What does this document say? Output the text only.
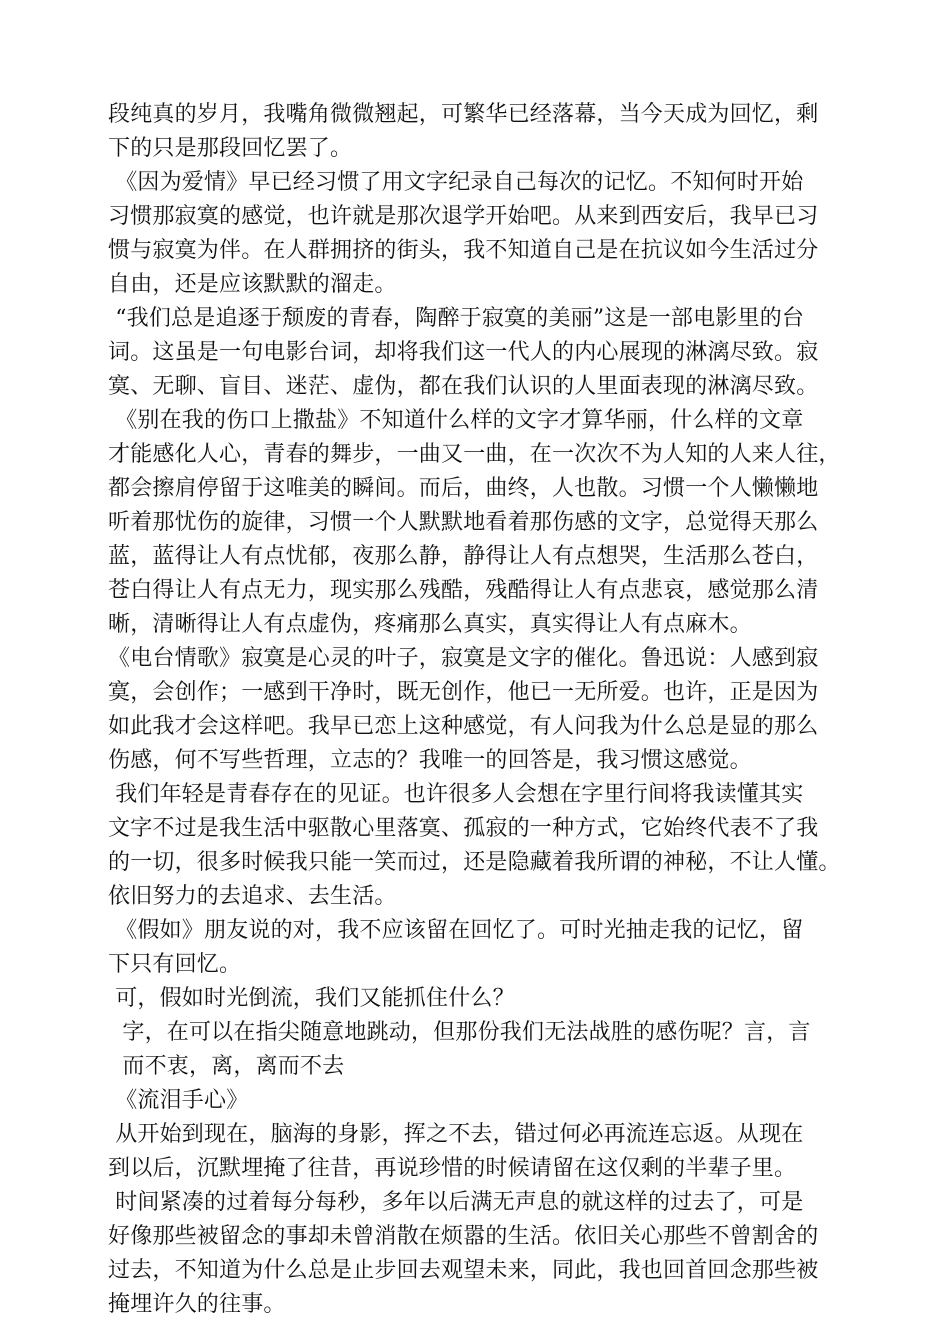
段纯真的岁月，我嘴角微微翘起，可繁华已经落幕，当今天成为回忆，剩
下的只是那段回忆罢了。
《因为爱情》早已经习惯了用文字纪录自己每次的记忆。不知何时开始
习惯那寂寞的感觉，也许就是那次退学开始吧。从来到西安后，我早已习
惯与寂寞为伴。在人群拥挤的街头，我不知道自己是在抗议如今生活过分
自由，还是应该默默的溜走。
“我们总是追逐于颓废的青春，陶醉于寂寞的美丽”这是一部电影里的台
词。这虽是一句电影台词，却将我们这一代人的内心展现的淋漓尽致。寂
寞、无聊、盲目、迷茫、虚伪，都在我们认识的人里面表现的淋漓尽致。
《别在我的伤口上撒盐》不知道什么样的文字才算华丽，什么样的文章
才能感化人心，青春的舞步，一曲又一曲，在一次次不为人知的人来人往，
都会擦肩停留于这唯美的瞬间。而后，曲终，人也散。习惯一个人懒懒地
听着那忧伤的旋律，习惯一个人默默地看着那伤感的文字，总觉得天那么
蓝，蓝得让人有点忧郁，夜那么静，静得让人有点想哭，生活那么苍白，
苍白得让人有点无力，现实那么残酷，残酷得让人有点悲哀，感觉那么清
晰，清晰得让人有点虚伪，疼痛那么真实，真实得让人有点麻木。
《电台情歌》寂寞是心灵的叶子，寂寞是文字的催化。鲁迅说：人感到寂
寞，会创作；一感到干净时，既无创作，他已一无所爱。也许，正是因为
如此我才会这样吧。我早已恋上这种感觉，有人问我为什么总是显的那么
伤感，何不写些哲理，立志的？我唯一的回答是，我习惯这感觉。
我们年轻是青春存在的见证。也许很多人会想在字里行间将我读懂其实
文字不过是我生活中驱散心里落寞、孤寂的一种方式，它始终代表不了我
的一切，很多时候我只能一笑而过，还是隐藏着我所谓的神秘，不让人懂。
依旧努力的去追求、去生活。
《假如》朋友说的对，我不应该留在回忆了。可时光抽走我的记忆，留
下只有回忆。
可，假如时光倒流，我们又能抓住什么？
字，在可以在指尖随意地跳动，但那份我们无法战胜的感伤呢？言，言
而不衷，离，离而不去
《流泪手心》
从开始到现在，脑海的身影，挥之不去，错过何必再流连忘返。从现在
到以后，沉默埋掩了往昔，再说珍惜的时候请留在这仅剩的半辈子里。
时间紧凑的过着每分每秒，多年以后满无声息的就这样的过去了，可是
好像那些被留念的事却未曾消散在烦嚣的生活。依旧关心那些不曾割舍的
过去，不知道为什么总是止步回去观望未来，同此，我也回首回念那些被
掩埋许久的往事。
